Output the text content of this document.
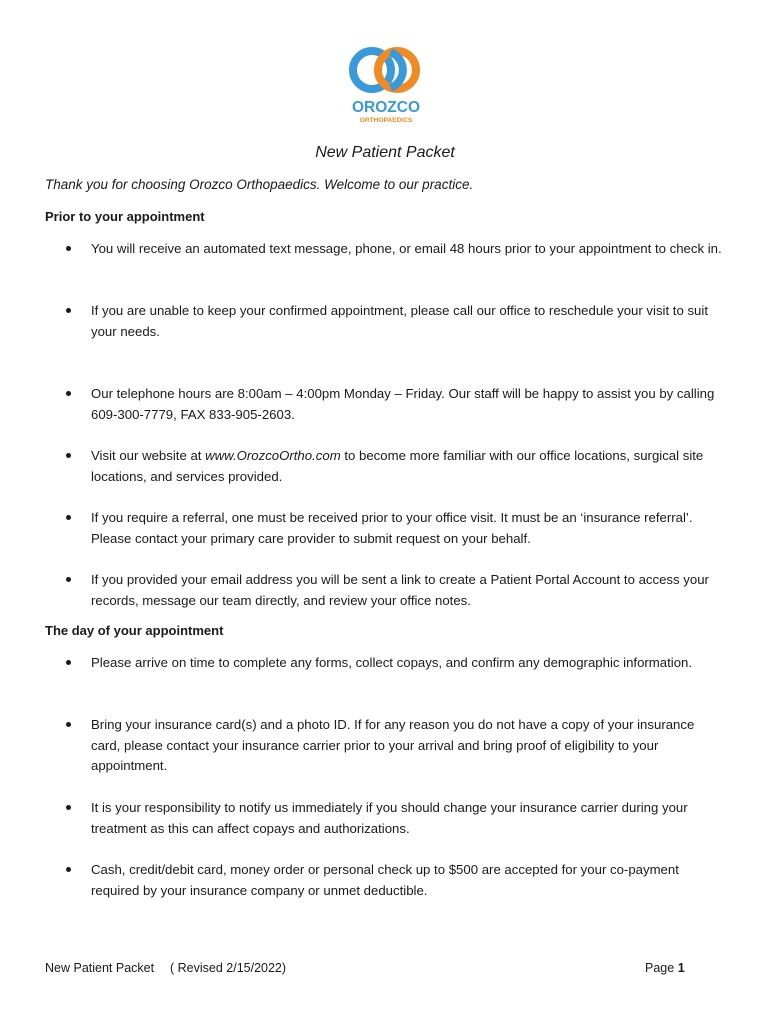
OROZCO
ORTHOPAEDICS
New Patient Packet
Thank you for choosing Orozco Orthopaedics. Welcome to our practice.
Prior to your appointment
You will receive an automated text message, phone, or email 48 hours prior to your appointment to check in.
If you are unable to keep your confirmed appointment, please call our office to reschedule your visit to suit your needs.
Our telephone hours are 8:00am – 4:00pm Monday – Friday. Our staff will be happy to assist you by calling 609-300-7779, FAX 833-905-2603.
Visit our website at www.OrozcoOrtho.com to become more familiar with our office locations, surgical site locations, and services provided.
If you require a referral, one must be received prior to your office visit. It must be an ‘insurance referral’. Please contact your primary care provider to submit request on your behalf.
If you provided your email address you will be sent a link to create a Patient Portal Account to access your records, message our team directly, and review your office notes.
The day of your appointment
Please arrive on time to complete any forms, collect copays, and confirm any demographic information.
Bring your insurance card(s) and a photo ID. If for any reason you do not have a copy of your insurance card, please contact your insurance carrier prior to your arrival and bring proof of eligibility to your appointment.
It is your responsibility to notify us immediately if you should change your insurance carrier during your treatment as this can affect copays and authorizations.
Cash, credit/debit card, money order or personal check up to $500 are accepted for your co-payment required by your insurance company or unmet deductible.
New Patient Packet ( Revised 2/15/2022)	Page 1
